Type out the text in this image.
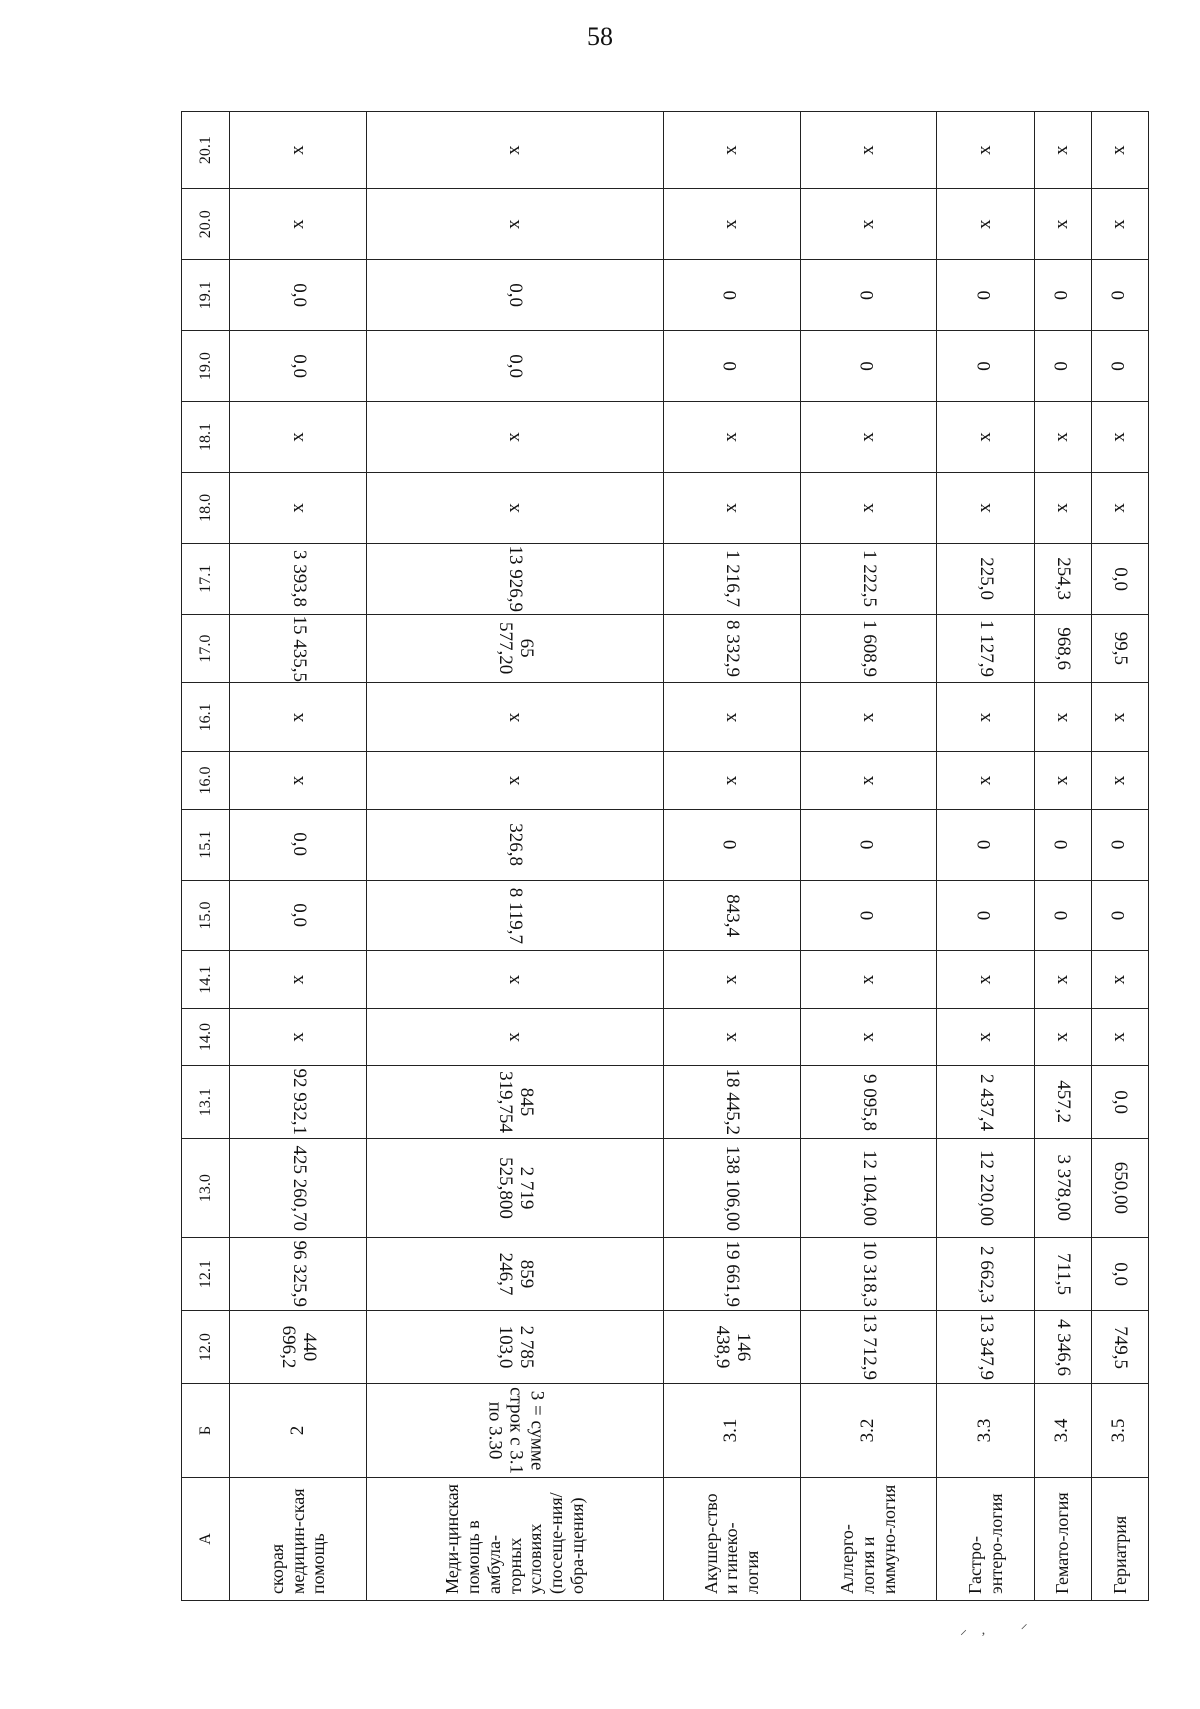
58
А	Б	12.0	12.1	13.0	13.1	14.0	14.1	15.0	15.1	16.0	16.1	17.0	17.1	18.0	18.1	19.0	19.1	20.0	20.1
скорая медицин-ская помощь	2	440 696,2	96 325,9	425 260,70	92 932,1	x	x	0,0	0,0	x	x	15 435,5	3 393,8	x	x	0,0	0,0	x	x
Меди-цинская помощь в амбула-торных условиях (посеще-ния/обра-щения)	3 = сумме строк с 3.1 по 3.30	2 785 103,0	859 246,7	2 719 525,800	845 319,754	x	x	8 119,7	326,8	x	x	65 577,20	13 926,9	x	x	0,0	0,0	x	x
Акушер-ство и гинеко-логия	3.1	146 438,9	19 661,9	138 106,00	18 445,2	x	x	843,4	0	x	x	8 332,9	1 216,7	x	x	0	0	x	x
Аллерго-логия и иммуно-логия	3.2	13 712,9	10 318,3	12 104,00	9 095,8	x	x	0	0	x	x	1 608,9	1 222,5	x	x	0	0	x	x
Гастро-энтеро-логия	3.3	13 347,9	2 662,3	12 220,00	2 437,4	x	x	0	0	x	x	1 127,9	225,0	x	x	0	0	x	x
Гемато-логия	3.4	4 346,6	711,5	3 378,00	457,2	x	x	0	0	x	x	968,6	254,3	x	x	0	0	x	x
Гериатрия	3.5	749,5	0,0	650,00	0,0	x	x	0	0	x	x	99,5	0,0	x	x	0	0	x	x
⸝    ‚          ⸍
